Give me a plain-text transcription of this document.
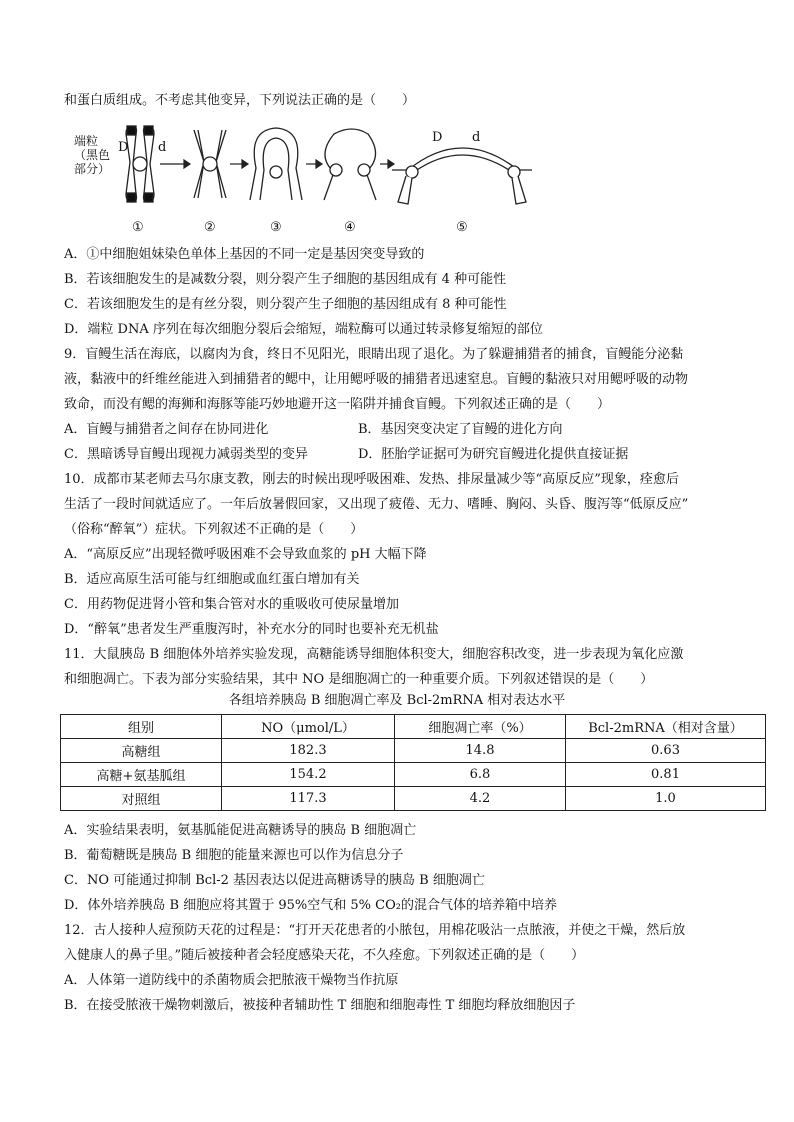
和蛋白质组成。不考虑其他变异，下列说法正确的是（　　）
端粒
（黑色
部分）
D d
D d
①	②	③	④	⑤
A．①中细胞姐妹染色单体上基因的不同一定是基因突变导致的
B．若该细胞发生的是减数分裂，则分裂产生子细胞的基因组成有 4 种可能性
C．若该细胞发生的是有丝分裂，则分裂产生子细胞的基因组成有 8 种可能性
D．端粒 DNA 序列在每次细胞分裂后会缩短，端粒酶可以通过转录修复缩短的部位
9．盲鳗生活在海底，以腐肉为食，终日不见阳光，眼睛出现了退化。为了躲避捕猎者的捕食，盲鳗能分泌黏
液，黏液中的纤维丝能进入到捕猎者的鳃中，让用鳃呼吸的捕猎者迅速窒息。盲鳗的黏液只对用鳃呼吸的动物
致命，而没有鳃的海狮和海豚等能巧妙地避开这一陷阱并捕食盲鳗。下列叙述正确的是（　　）
A．盲鳗与捕猎者之间存在协同进化	B．基因突变决定了盲鳗的进化方向
C．黑暗诱导盲鳗出现视力减弱类型的变异	D．胚胎学证据可为研究盲鳗进化提供直接证据
10．成都市某老师去马尔康支教，刚去的时候出现呼吸困难、发热、排尿量减少等“高原反应”现象，痊愈后
生活了一段时间就适应了。一年后放暑假回家，又出现了疲倦、无力、嗜睡、胸闷、头昏、腹泻等“低原反应”
（俗称“醉氧”）症状。下列叙述不正确的是（　　）
A．“高原反应”出现轻微呼吸困难不会导致血浆的 pH 大幅下降
B．适应高原生活可能与红细胞或血红蛋白增加有关
C．用药物促进肾小管和集合管对水的重吸收可使尿量增加
D．“醉氧”患者发生严重腹泻时，补充水分的同时也要补充无机盐
11．大鼠胰岛 B 细胞体外培养实验发现，高糖能诱导细胞体积变大，细胞容积改变，进一步表现为氧化应激
和细胞凋亡。下表为部分实验结果，其中 NO 是细胞凋亡的一种重要介质。下列叙述错误的是（　　）
各组培养胰岛 B 细胞凋亡率及 Bcl-2mRNA 相对表达水平
组别	NO（μmol/L）	细胞凋亡率（%）	Bcl-2mRNA（相对含量）
高糖组	182.3	14.8	0.63
高糖+氨基胍组	154.2	6.8	0.81
对照组	117.3	4.2	1.0
A．实验结果表明，氨基胍能促进高糖诱导的胰岛 B 细胞凋亡
B．葡萄糖既是胰岛 B 细胞的能量来源也可以作为信息分子
C．NO 可能通过抑制 Bcl-2 基因表达以促进高糖诱导的胰岛 B 细胞凋亡
D．体外培养胰岛 B 细胞应将其置于 95%空气和 5% CO₂的混合气体的培养箱中培养
12．古人接种人痘预防天花的过程是：“打开天花患者的小脓包，用棉花吸沾一点脓液，并使之干燥，然后放
入健康人的鼻子里。”随后被接种者会轻度感染天花，不久痊愈。下列叙述正确的是（　　）
A．人体第一道防线中的杀菌物质会把脓液干燥物当作抗原
B．在接受脓液干燥物刺激后，被接种者辅助性 T 细胞和细胞毒性 T 细胞均释放细胞因子
